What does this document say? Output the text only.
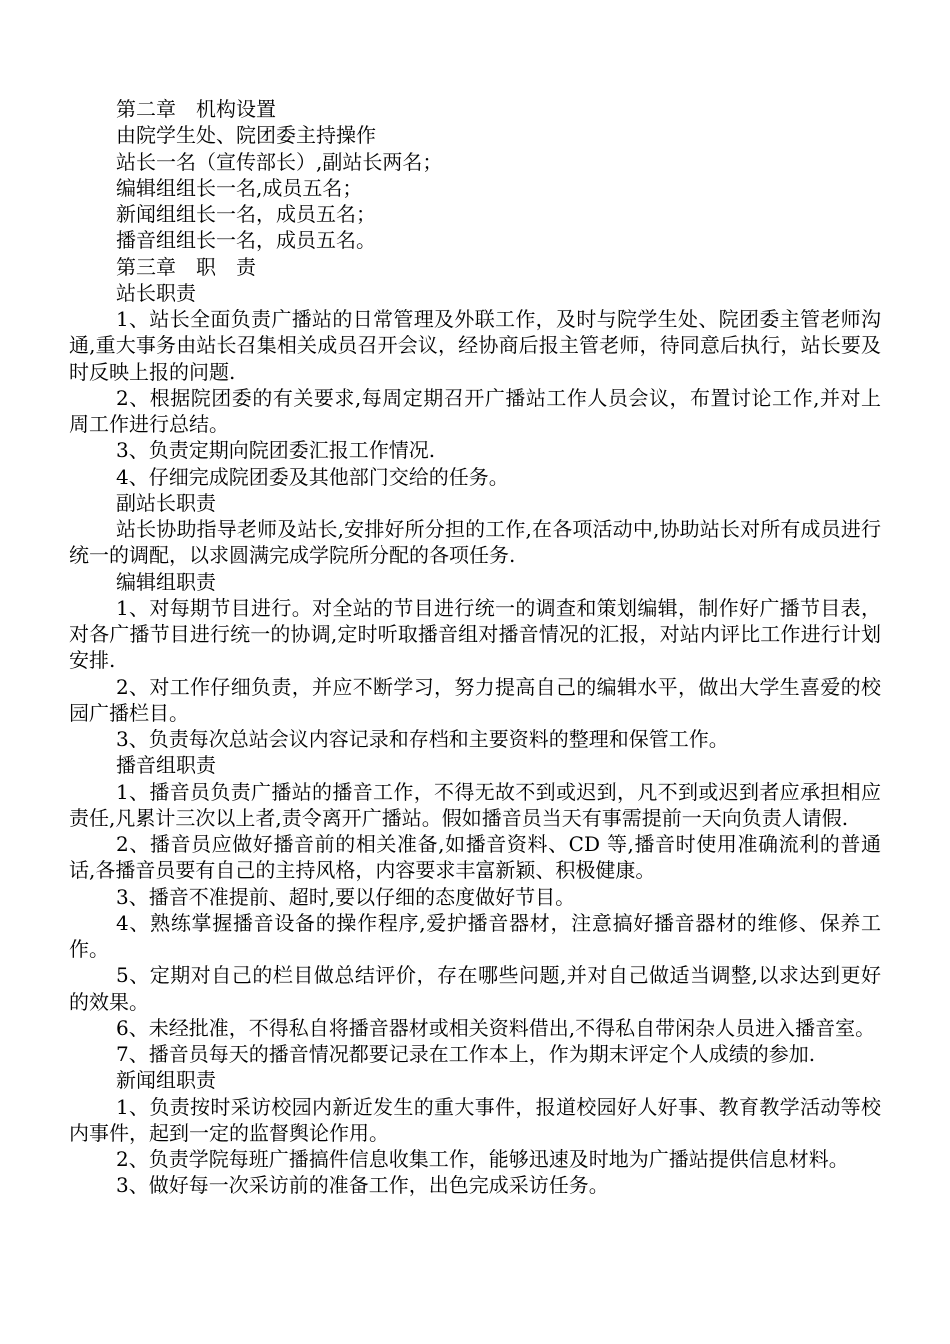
第二章　机构设置

由院学生处、院团委主持操作

站长一名（宣传部长）,副站长两名；

编辑组组长一名,成员五名；

新闻组组长一名，成员五名；

播音组组长一名，成员五名。

第三章　职　责

站长职责

1、站长全面负责广播站的日常管理及外联工作，及时与院学生处、院团委主管老师沟通,重大事务由站长召集相关成员召开会议，经协商后报主管老师，待同意后执行，站长要及时反映上报的问题.

2、根据院团委的有关要求,每周定期召开广播站工作人员会议，布置讨论工作,并对上周工作进行总结。

3、负责定期向院团委汇报工作情况.

4、仔细完成院团委及其他部门交给的任务。

副站长职责

站长协助指导老师及站长,安排好所分担的工作,在各项活动中,协助站长对所有成员进行统一的调配，以求圆满完成学院所分配的各项任务.

编辑组职责

1、对每期节目进行。对全站的节目进行统一的调查和策划编辑，制作好广播节目表，对各广播节目进行统一的协调,定时听取播音组对播音情况的汇报，对站内评比工作进行计划安排.

2、对工作仔细负责，并应不断学习，努力提高自己的编辑水平，做出大学生喜爱的校园广播栏目。

3、负责每次总站会议内容记录和存档和主要资料的整理和保管工作。

播音组职责

1、播音员负责广播站的播音工作，不得无故不到或迟到，凡不到或迟到者应承担相应责任,凡累计三次以上者,责令离开广播站。假如播音员当天有事需提前一天向负责人请假.

2、播音员应做好播音前的相关准备,如播音资料、CD 等,播音时使用准确流利的普通话,各播音员要有自己的主持风格，内容要求丰富新颖、积极健康。

3、播音不准提前、超时,要以仔细的态度做好节目。

4、熟练掌握播音设备的操作程序,爱护播音器材，注意搞好播音器材的维修、保养工作。

5、定期对自己的栏目做总结评价，存在哪些问题,并对自己做适当调整,以求达到更好的效果。

6、未经批准，不得私自将播音器材或相关资料借出,不得私自带闲杂人员进入播音室。

7、播音员每天的播音情况都要记录在工作本上，作为期末评定个人成绩的参加.

新闻组职责

1、负责按时采访校园内新近发生的重大事件，报道校园好人好事、教育教学活动等校内事件，起到一定的监督舆论作用。

2、负责学院每班广播搞件信息收集工作，能够迅速及时地为广播站提供信息材料。

3、做好每一次采访前的准备工作，出色完成采访任务。
